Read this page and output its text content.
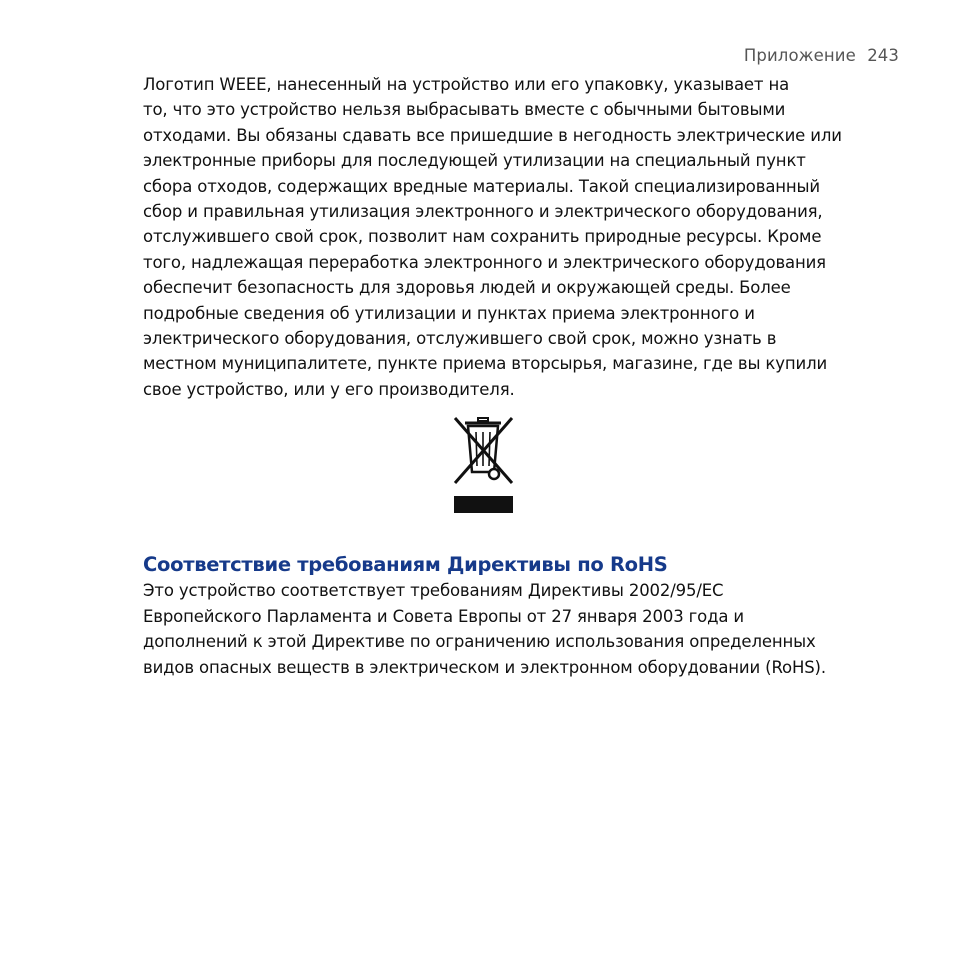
Приложение 243

Логотип WEEE, нанесенный на устройство или его упаковку, указывает на
то, что это устройство нельзя выбрасывать вместе с обычными бытовыми
отходами. Вы обязаны сдавать все пришедшие в негодность электрические или
электронные приборы для последующей утилизации на специальный пункт
сбора отходов, содержащих вредные материалы. Такой специализированный
сбор и правильная утилизация электронного и электрического оборудования,
отслужившего свой срок, позволит нам сохранить природные ресурсы. Кроме
того, надлежащая переработка электронного и электрического оборудования
обеспечит безопасность для здоровья людей и окружающей среды. Более
подробные сведения об утилизации и пунктах приема электронного и
электрического оборудования, отслужившего свой срок, можно узнать в
местном муниципалитете, пункте приема вторсырья, магазине, где вы купили
свое устройство, или у его производителя.

Соответствие требованиям Директивы по RoHS

Это устройство соответствует требованиям Директивы 2002/95/EC
Европейского Парламента и Совета Европы от 27 января 2003 года и
дополнений к этой Директиве по ограничению использования определенных
видов опасных веществ в электрическом и электронном оборудовании (RoHS).
